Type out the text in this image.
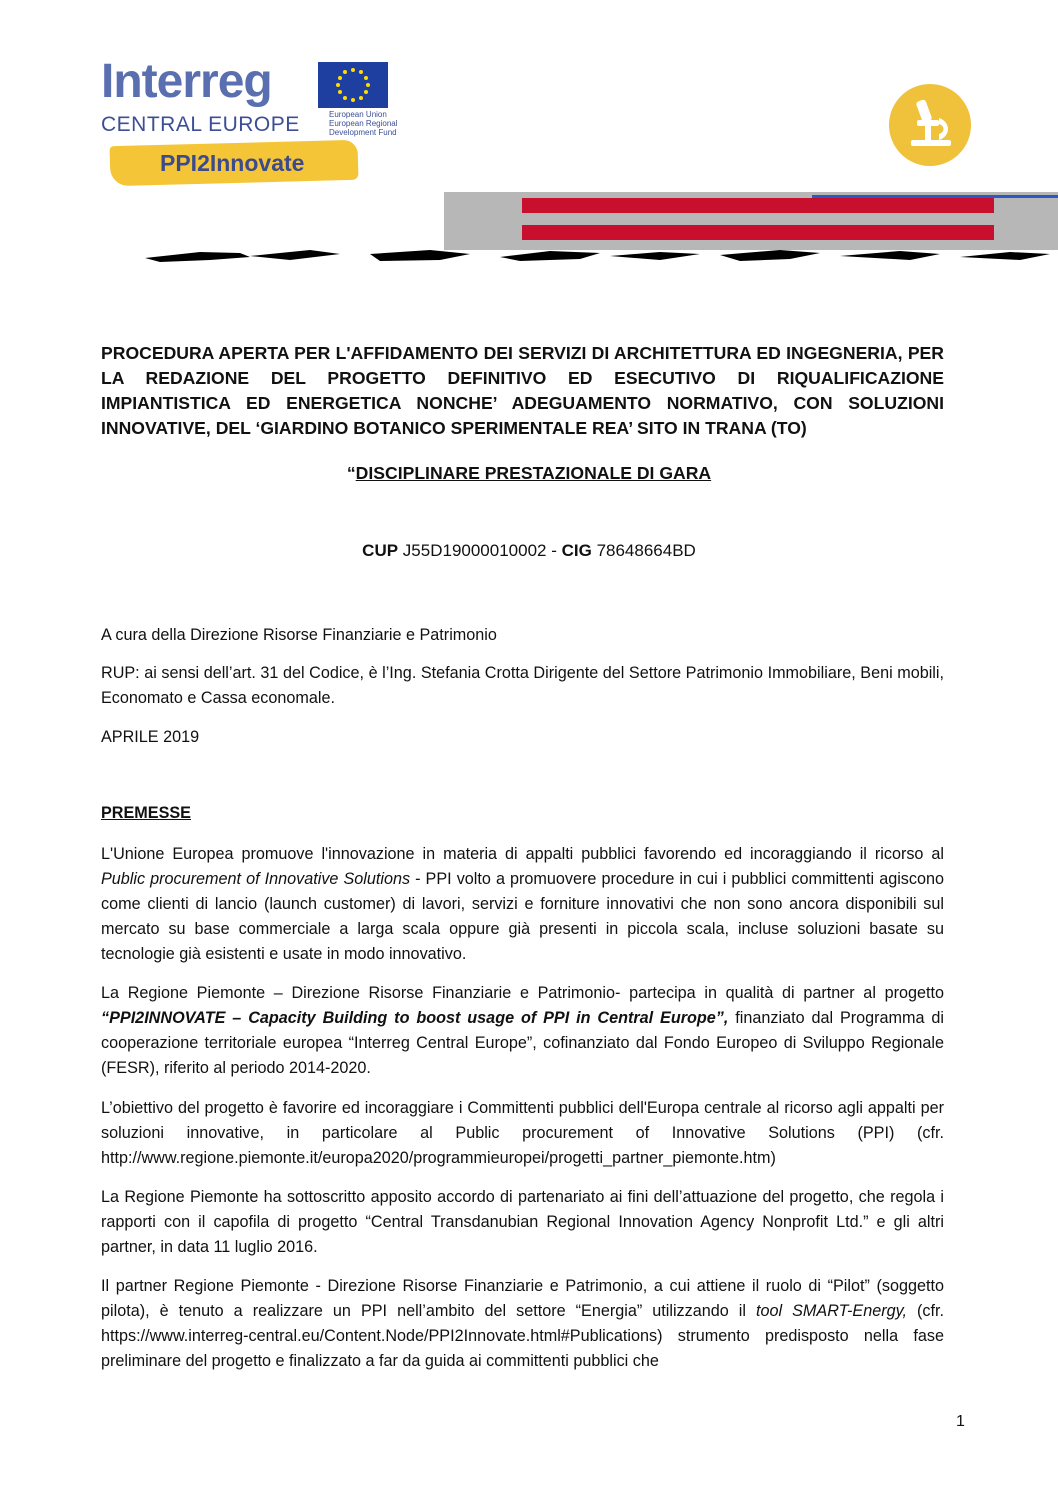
Interreg
CENTRAL EUROPE	European Union
European Regional
Development Fund
PPI2Innovate
PROCEDURA APERTA PER L'AFFIDAMENTO DEI SERVIZI DI ARCHITETTURA ED INGEGNERIA, PER LA REDAZIONE DEL PROGETTO DEFINITIVO ED ESECUTIVO DI RIQUALIFICAZIONE IMPIANTISTICA ED ENERGETICA NONCHE’ ADEGUAMENTO NORMATIVO, CON SOLUZIONI INNOVATIVE, DEL ‘GIARDINO BOTANICO SPERIMENTALE REA’ SITO IN TRANA (TO)
“DISCIPLINARE PRESTAZIONALE DI GARA
CUP J55D19000010002 - CIG 78648664BD
A cura della Direzione Risorse Finanziarie e Patrimonio
RUP: ai sensi dell’art. 31 del Codice, è l’Ing. Stefania Crotta Dirigente del Settore Patrimonio Immobiliare, Beni mobili, Economato e Cassa economale.
APRILE 2019
PREMESSE
L'Unione Europea promuove l'innovazione in materia di appalti pubblici favorendo ed incoraggiando il ricorso al Public procurement of Innovative Solutions - PPI volto a promuovere procedure in cui i pubblici committenti agiscono come clienti di lancio (launch customer) di lavori, servizi e forniture innovativi che non sono ancora disponibili sul mercato su base commerciale a larga scala oppure già presenti in piccola scala, incluse soluzioni basate su tecnologie già esistenti e usate in modo innovativo.
La Regione Piemonte – Direzione Risorse Finanziarie e Patrimonio- partecipa in qualità di partner al progetto “PPI2INNOVATE – Capacity Building to boost usage of PPI in Central Europe”, finanziato dal Programma di cooperazione territoriale europea “Interreg Central Europe”, cofinanziato dal Fondo Europeo di Sviluppo Regionale (FESR), riferito al periodo 2014-2020.
L’obiettivo del progetto è favorire ed incoraggiare i Committenti pubblici dell'Europa centrale al ricorso agli appalti per soluzioni innovative, in particolare al Public procurement of Innovative Solutions (PPI) (cfr. http://www.regione.piemonte.it/europa2020/programmieuropei/progetti_partner_piemonte.htm)
La Regione Piemonte ha sottoscritto apposito accordo di partenariato ai fini dell’attuazione del progetto, che regola i rapporti con il capofila di progetto “Central Transdanubian Regional Innovation Agency Nonprofit Ltd.” e gli altri partner, in data 11 luglio 2016.
Il partner Regione Piemonte - Direzione Risorse Finanziarie e Patrimonio, a cui attiene il ruolo di “Pilot” (soggetto pilota), è tenuto a realizzare un PPI nell’ambito del settore “Energia” utilizzando il tool SMART-Energy, (cfr. https://www.interreg-central.eu/Content.Node/PPI2Innovate.html#Publications) strumento predisposto nella fase preliminare del progetto e finalizzato a far da guida ai committenti pubblici che
1
